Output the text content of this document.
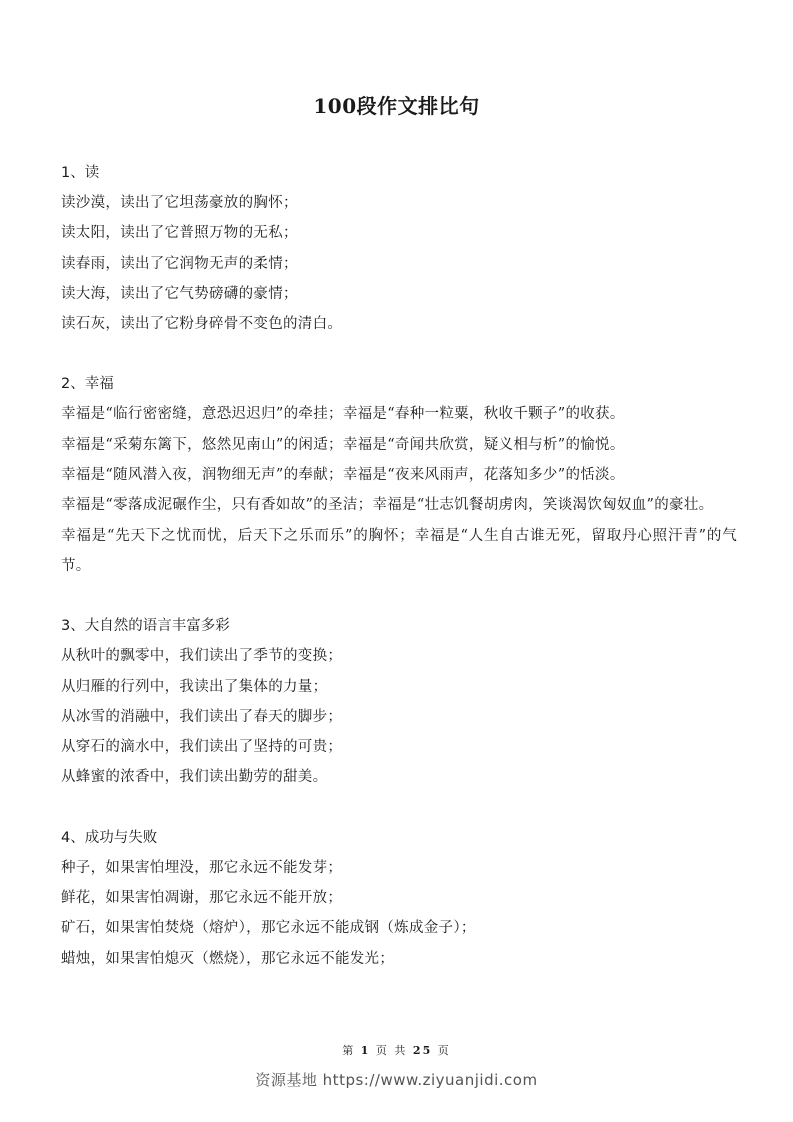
100段作文排比句
1、读
读沙漠，读出了它坦荡豪放的胸怀；
读太阳，读出了它普照万物的无私；
读春雨，读出了它润物无声的柔情；
读大海，读出了它气势磅礴的豪情；
读石灰，读出了它粉身碎骨不变色的清白。
2、幸福
幸福是“临行密密缝，意恐迟迟归”的牵挂；幸福是“春种一粒粟，秋收千颗子”的收获。
幸福是“采菊东篱下，悠然见南山”的闲适；幸福是“奇闻共欣赏，疑义相与析”的愉悦。
幸福是“随风潜入夜，润物细无声”的奉献；幸福是“夜来风雨声，花落知多少”的恬淡。
幸福是“零落成泥碾作尘，只有香如故”的圣洁；幸福是“壮志饥餐胡虏肉，笑谈渴饮匈奴血”的豪壮。
幸福是“先天下之忧而忧，后天下之乐而乐”的胸怀；幸福是“人生自古谁无死，留取丹心照汗青”的气节。
3、大自然的语言丰富多彩
从秋叶的飘零中，我们读出了季节的变换；
从归雁的行列中，我读出了集体的力量；
从冰雪的消融中，我们读出了春天的脚步；
从穿石的滴水中，我们读出了坚持的可贵；
从蜂蜜的浓香中，我们读出勤劳的甜美。
4、成功与失败
种子，如果害怕埋没，那它永远不能发芽；
鲜花，如果害怕凋谢，那它永远不能开放；
矿石，如果害怕焚烧（熔炉），那它永远不能成钢（炼成金子）；
蜡烛，如果害怕熄灭（燃烧），那它永远不能发光；
第 1 页 共 25 页
资源基地 https://www.ziyuanjidi.com
